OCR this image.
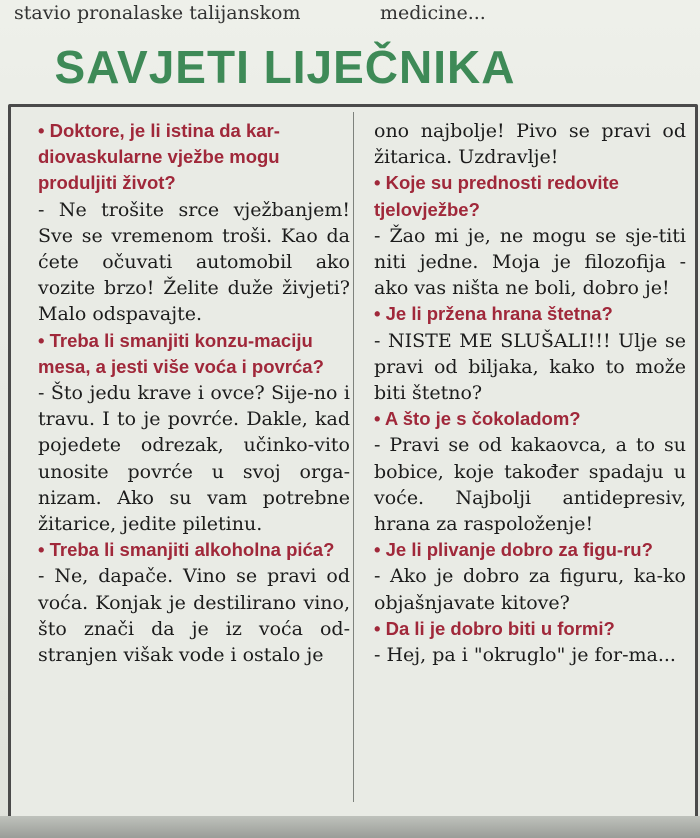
stavio pronalaske talijanskom	medicine...
SAVJETI LIJEČNIKA

• Doktore, je li istina da kar-diovaskularne vježbe mogu produljiti život?

- Ne trošite srce vježbanjem! Sve se vremenom troši. Kao da ćete očuvati automobil ako vozite brzo! Želite duže živjeti? Malo odspavajte.

• Treba li smanjiti konzu-maciju mesa, a jesti više voća i povrća?

- Što jedu krave i ovce? Sije-no i travu. I to je povrće. Dakle, kad pojedete odrezak, učinko-vito unosite povrće u svoj orga-nizam. Ako su vam potrebne žitarice, jedite piletinu.

• Treba li smanjiti alkoholna pića?

- Ne, dapače. Vino se pravi od voća. Konjak je destilirano vino, što znači da je iz voća od-stranjen višak vode i ostalo je

ono najbolje! Pivo se pravi od žitarica. Uzdravlje!

• Koje su prednosti redovite tjelovježbe?

- Žao mi je, ne mogu se sje-titi niti jedne. Moja je filozofija - ako vas ništa ne boli, dobro je!

• Je li pržena hrana štetna?

- NISTE ME SLUŠALI!!! Ulje se pravi od biljaka, kako to može biti štetno?

• A što je s čokoladom?

- Pravi se od kakaovca, a to su bobice, koje također spadaju u voće. Najbolji antidepresiv, hrana za raspoloženje!

• Je li plivanje dobro za figu-ru?

- Ako je dobro za figuru, ka-ko objašnjavate kitove?

• Da li je dobro biti u formi?

- Hej, pa i "okruglo" je for-ma...
